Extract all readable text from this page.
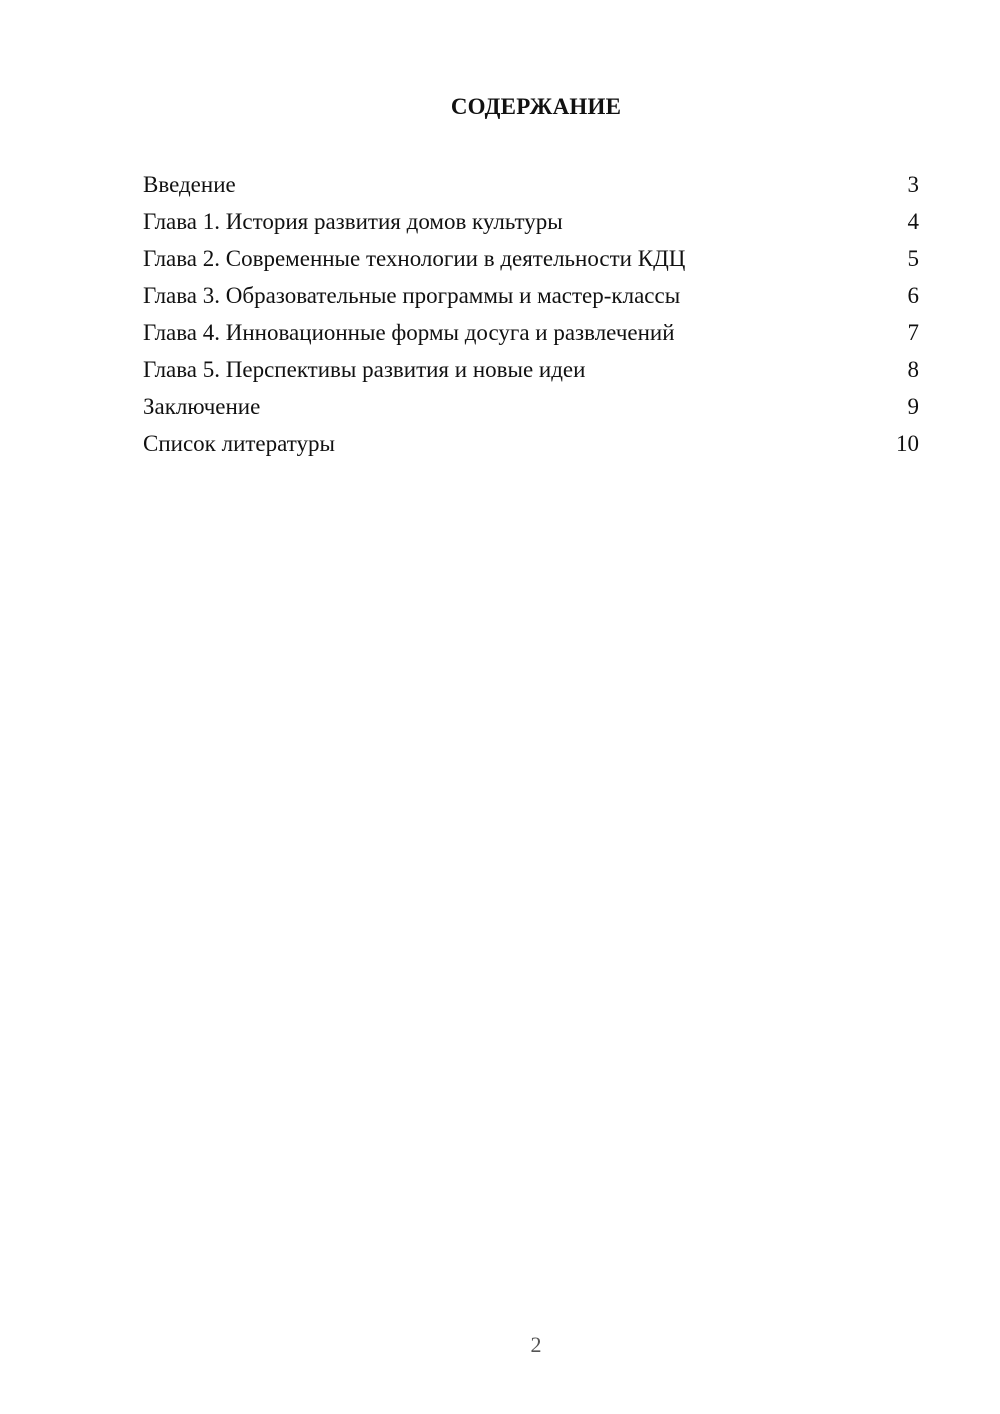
СОДЕРЖАНИЕ
Введение	3
Глава 1. История развития домов культуры	4
Глава 2. Современные технологии в деятельности КДЦ	5
Глава 3. Образовательные программы и мастер-классы	6
Глава 4. Инновационные формы досуга и развлечений	7
Глава 5. Перспективы развития и новые идеи	8
Заключение	9
Список литературы	10
2
